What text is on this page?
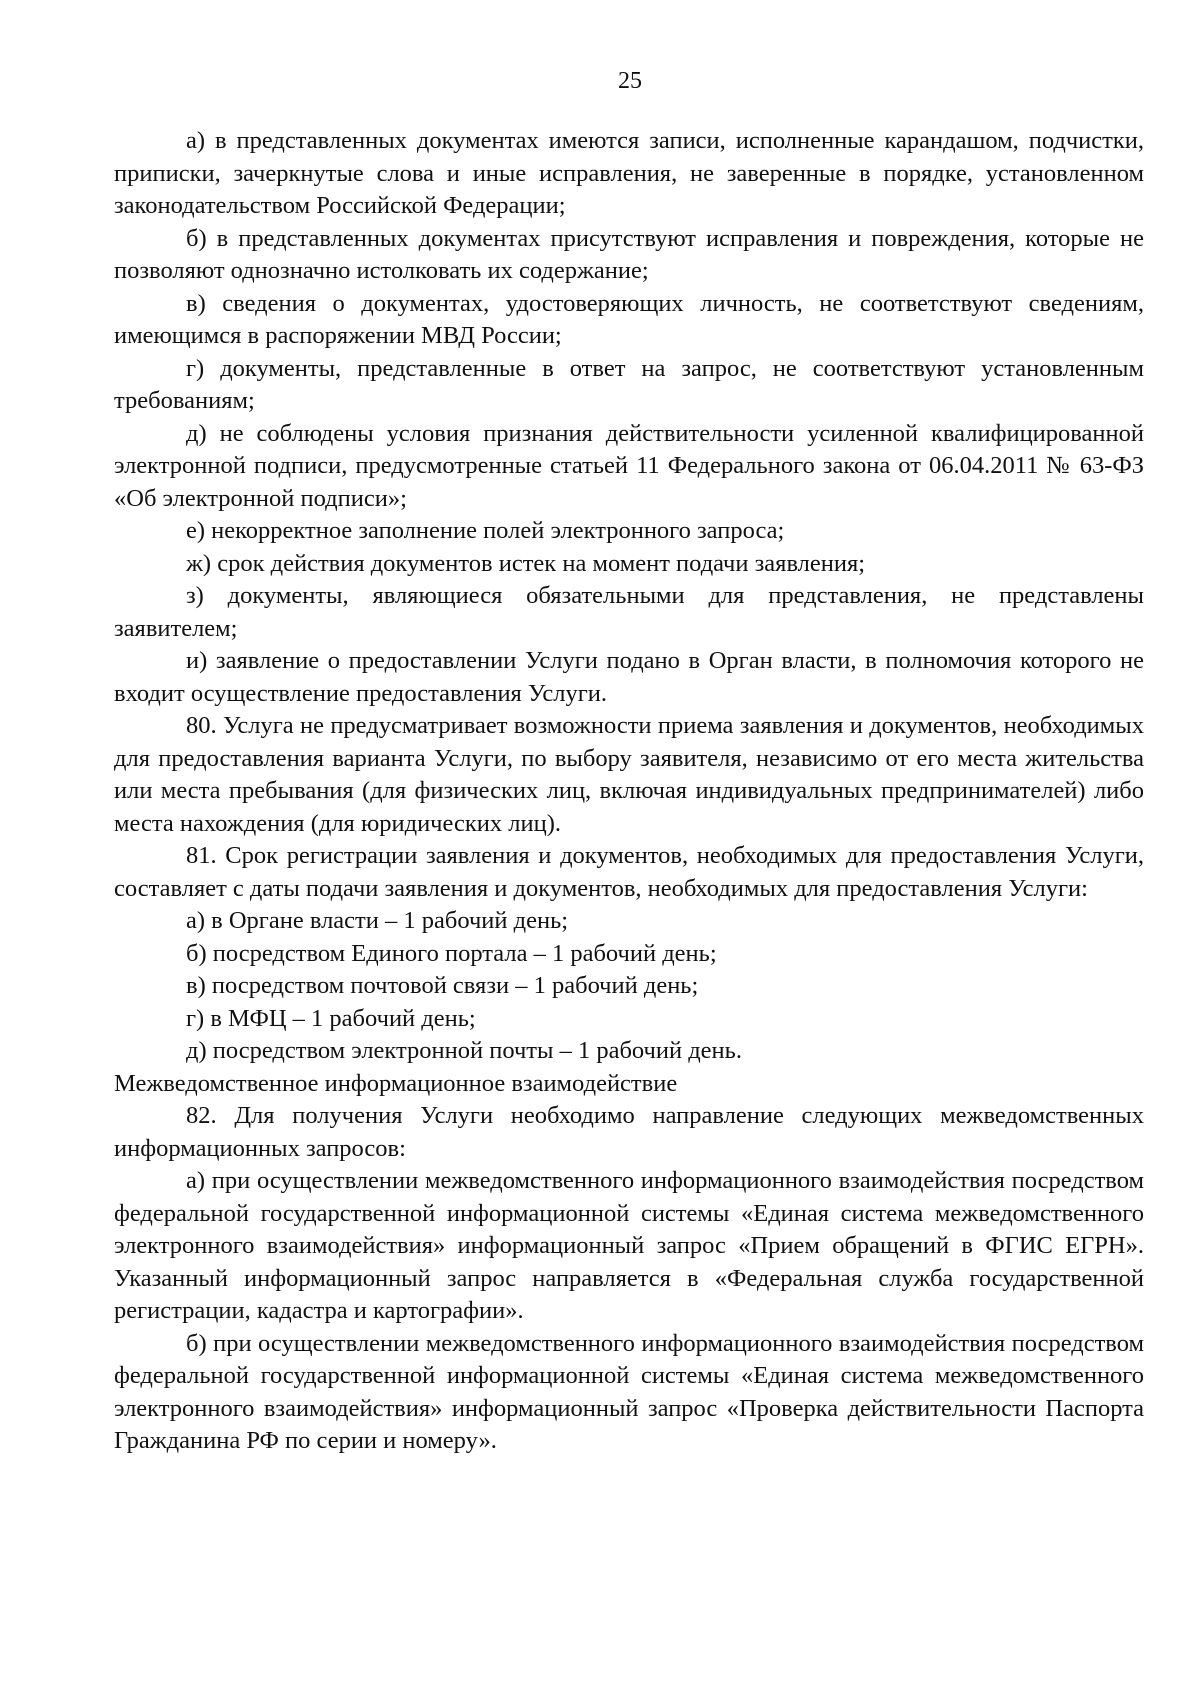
25

а) в представленных документах имеются записи, исполненные карандашом, подчистки, приписки, зачеркнутые слова и иные исправления, не заверенные в порядке, установленном законодательством Российской Федерации;

б) в представленных документах присутствуют исправления и повреждения, которые не позволяют однозначно истолковать их содержание;

в) сведения о документах, удостоверяющих личность, не соответствуют сведениям, имеющимся в распоряжении МВД России;

г) документы, представленные в ответ на запрос, не соответствуют установленным требованиям;

д) не соблюдены условия признания действительности усиленной квалифицированной электронной подписи, предусмотренные статьей 11 Федерального закона от 06.04.2011 № 63-ФЗ «Об электронной подписи»;

е) некорректное заполнение полей электронного запроса;

ж) срок действия документов истек на момент подачи заявления;

з) документы, являющиеся обязательными для представления, не представлены заявителем;

и) заявление о предоставлении Услуги подано в Орган власти, в полномочия которого не входит осуществление предоставления Услуги.

80. Услуга не предусматривает возможности приема заявления и документов, необходимых для предоставления варианта Услуги, по выбору заявителя, независимо от его места жительства или места пребывания (для физических лиц, включая индивидуальных предпринимателей) либо места нахождения (для юридических лиц).

81. Срок регистрации заявления и документов, необходимых для предоставления Услуги, составляет с даты подачи заявления и документов, необходимых для предоставления Услуги:

а) в Органе власти – 1 рабочий день;

б) посредством Единого портала – 1 рабочий день;

в) посредством почтовой связи – 1 рабочий день;

г) в МФЦ – 1 рабочий день;

д) посредством электронной почты – 1 рабочий день.

Межведомственное информационное взаимодействие

82. Для получения Услуги необходимо направление следующих межведомственных информационных запросов:

а) при осуществлении межведомственного информационного взаимодействия посредством федеральной государственной информационной системы «Единая система межведомственного электронного взаимодействия» информационный запрос «Прием обращений в ФГИС ЕГРН». Указанный информационный запрос направляется в «Федеральная служба государственной регистрации, кадастра и картографии».

б) при осуществлении межведомственного информационного взаимодействия посредством федеральной государственной информационной системы «Единая система межведомственного электронного взаимодействия» информационный запрос «Проверка действительности Паспорта Гражданина РФ по серии и номеру».
